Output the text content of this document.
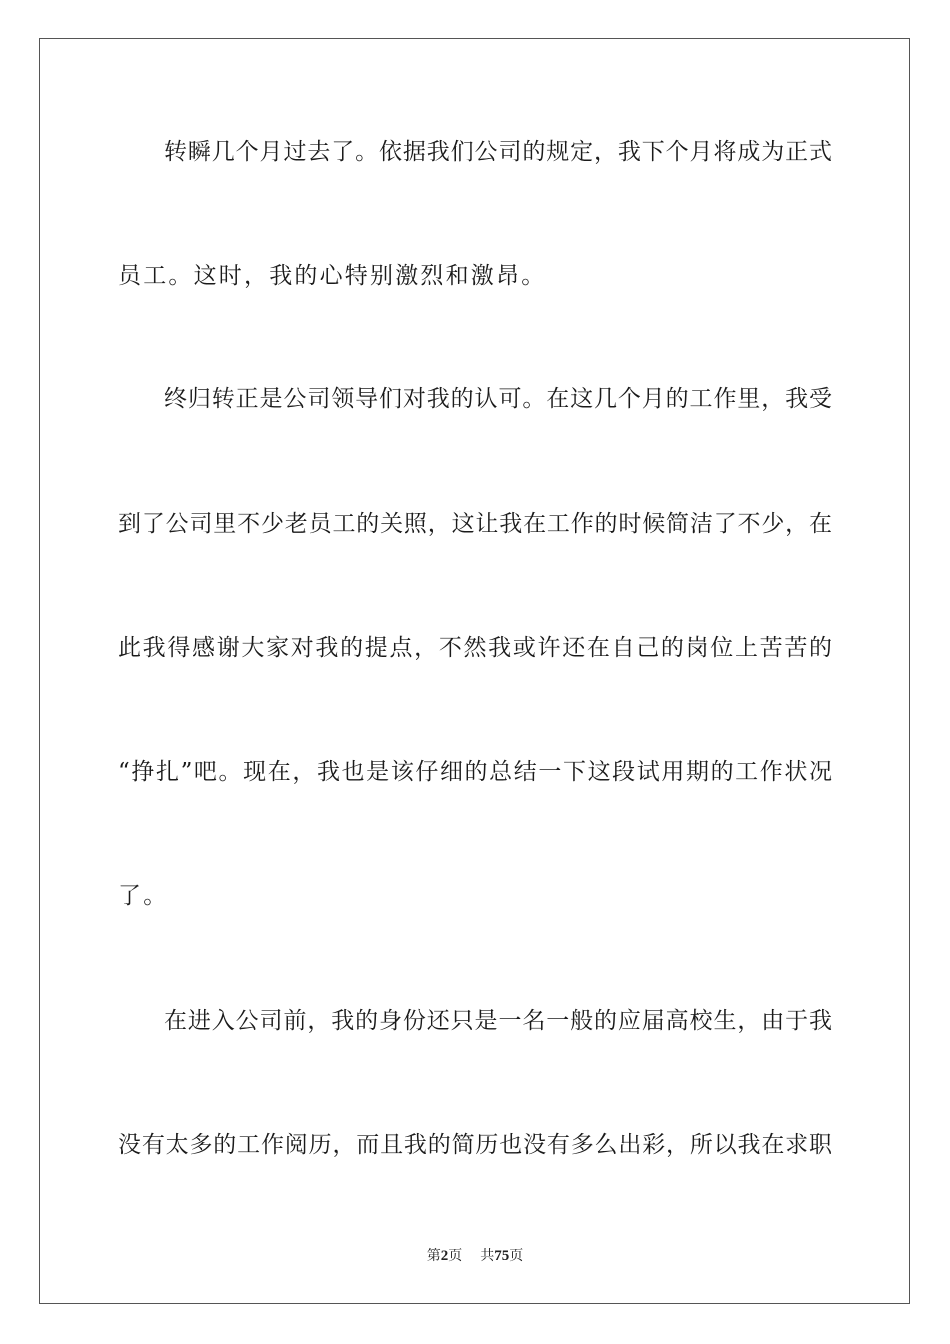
转瞬几个月过去了。依据我们公司的规定，我下个月将成为正式
员工。这时，我的心特别激烈和激昂。
终归转正是公司领导们对我的认可。在这几个月的工作里，我受
到了公司里不少老员工的关照，这让我在工作的时候简洁了不少，在
此我得感谢大家对我的提点，不然我或许还在自己的岗位上苦苦的
“挣扎”吧。现在，我也是该仔细的总结一下这段试用期的工作状况
了。
在进入公司前，我的身份还只是一名一般的应届高校生，由于我
没有太多的工作阅历，而且我的简历也没有多么出彩，所以我在求职
第2页 共75页
